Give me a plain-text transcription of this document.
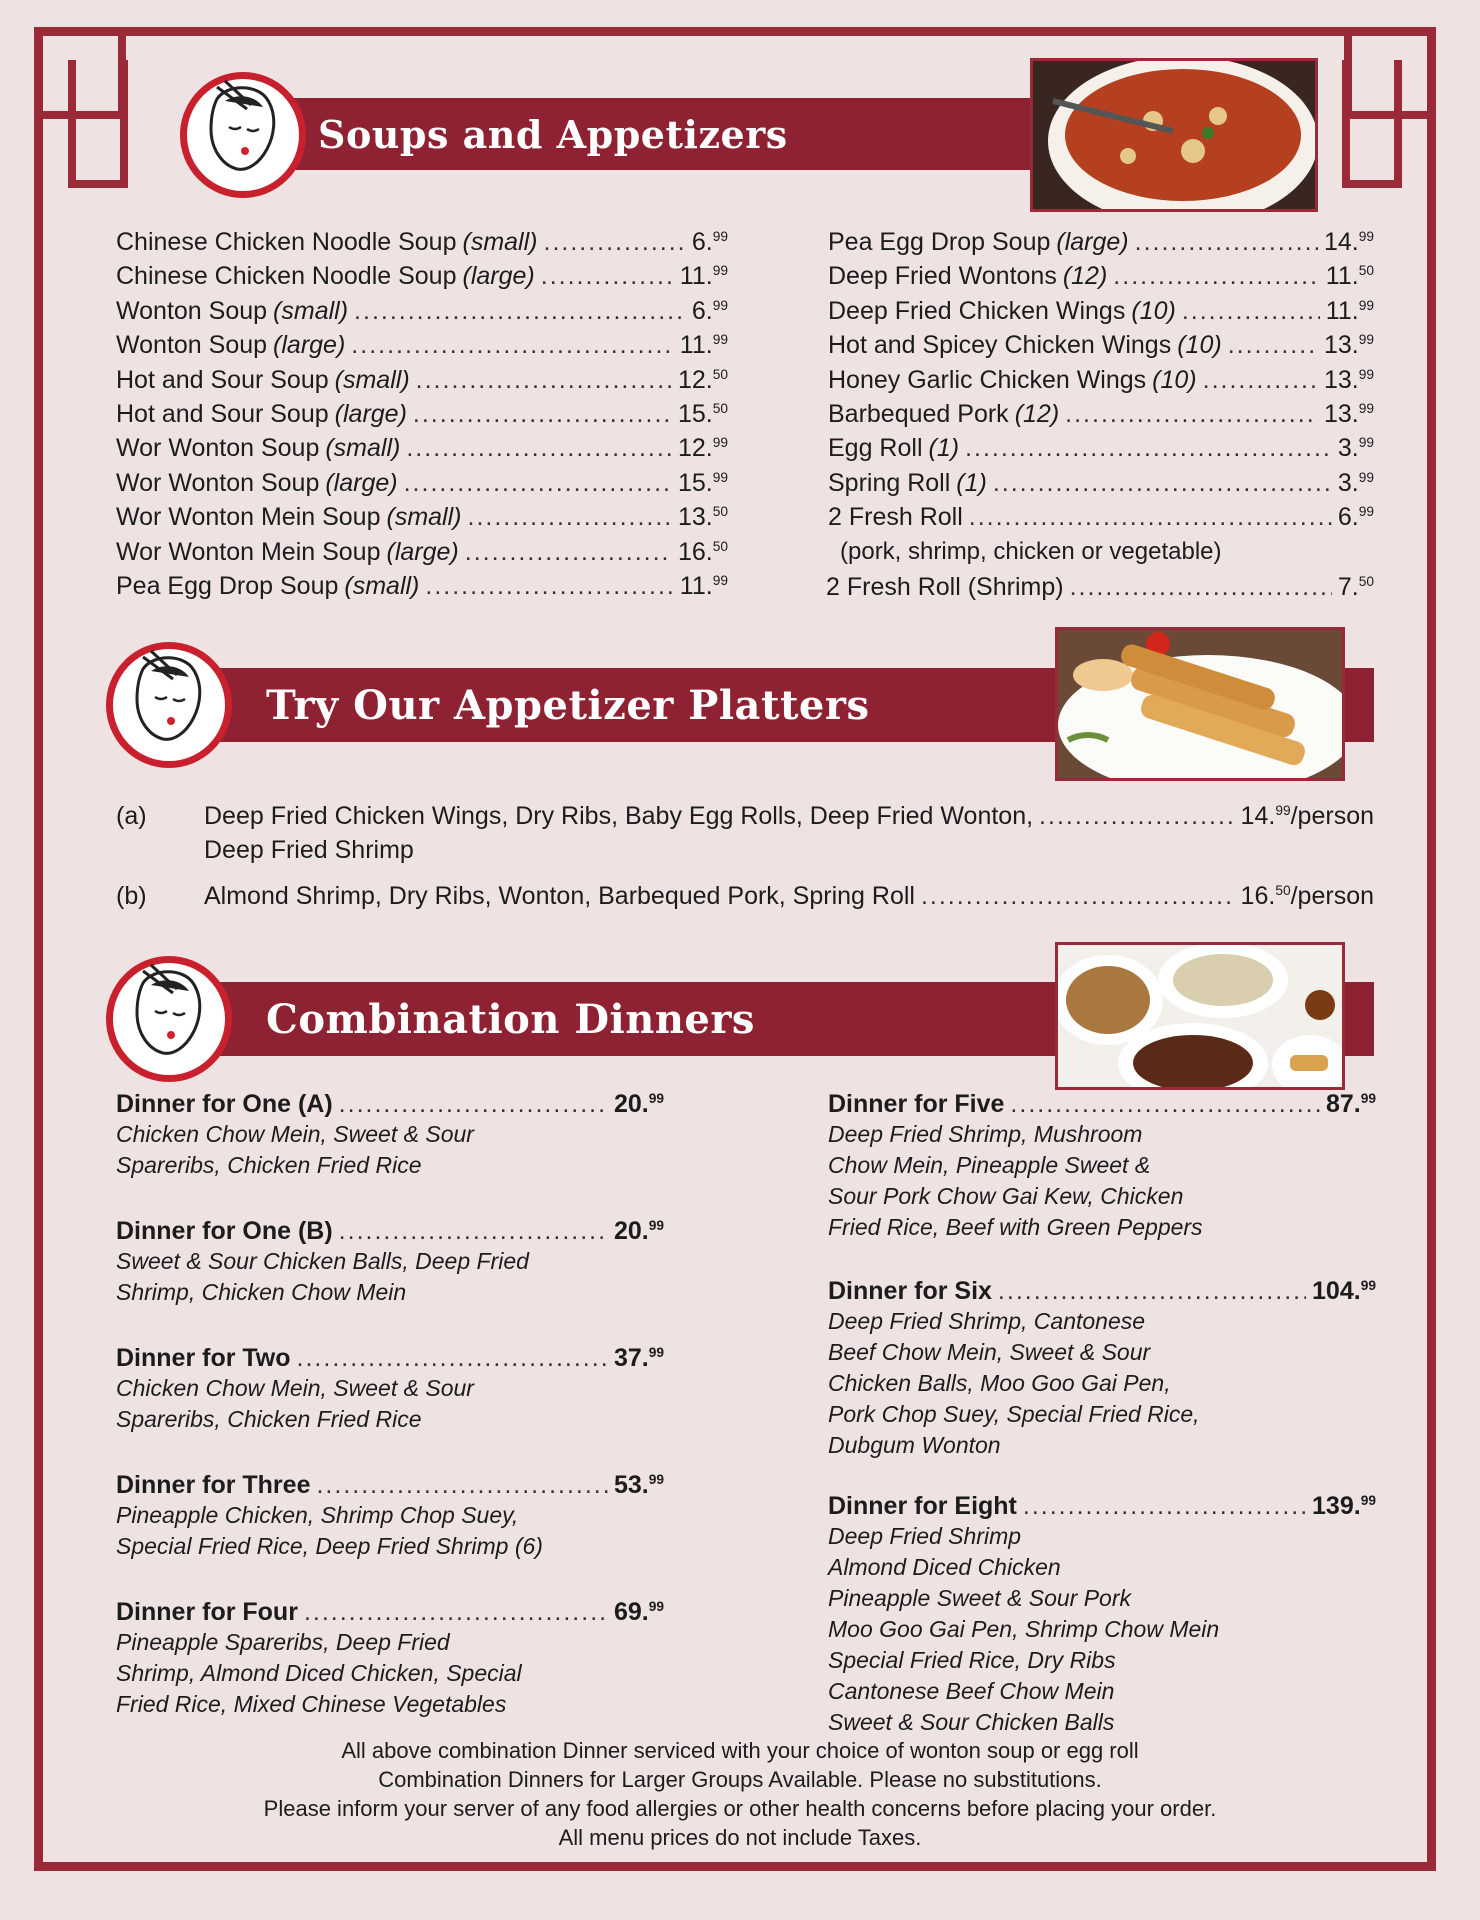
Soups and Appetizers
Chinese Chicken Noodle Soup (small) .....	6.99
Chinese Chicken Noodle Soup (large) .....	11.99
Wonton Soup (small) .....	6.99
Wonton Soup (large) .....	11.99
Hot and Sour Soup (small) .....	12.50
Hot and Sour Soup (large) .....	15.50
Wor Wonton Soup (small) .....	12.99
Wor Wonton Soup (large) .....	15.99
Wor Wonton Mein Soup (small) .....	13.50
Wor Wonton Mein Soup (large) .....	16.50
Pea Egg Drop Soup (small) .....	11.99
Pea Egg Drop Soup (large) .....	14.99
Deep Fried Wontons (12) .....	11.50
Deep Fried Chicken Wings (10) .....	11.99
Hot and Spicey Chicken Wings (10) .....	13.99
Honey Garlic Chicken Wings (10) .....	13.99
Barbequed Pork (12) .....	13.99
Egg Roll (1) .....	3.99
Spring Roll (1) .....	3.99
2 Fresh Roll .....	6.99
(pork, shrimp, chicken or vegetable)
2 Fresh Roll (Shrimp) .....	7.50
Try Our Appetizer Platters
(a) Deep Fried Chicken Wings, Dry Ribs, Baby Egg Rolls, Deep Fried Wonton, .....	14.99/person
Deep Fried Shrimp
(b) Almond Shrimp, Dry Ribs, Wonton, Barbequed Pork, Spring Roll .....	16.50/person
Combination Dinners
Dinner for One (A) .....	20.99
Chicken Chow Mein, Sweet & Sour
Spareribs, Chicken Fried Rice
Dinner for One (B) .....	20.99
Sweet & Sour Chicken Balls, Deep Fried
Shrimp, Chicken Chow Mein
Dinner for Two .....	37.99
Chicken Chow Mein, Sweet & Sour
Spareribs, Chicken Fried Rice
Dinner for Three .....	53.99
Pineapple Chicken, Shrimp Chop Suey,
Special Fried Rice, Deep Fried Shrimp (6)
Dinner for Four .....	69.99
Pineapple Spareribs, Deep Fried
Shrimp, Almond Diced Chicken, Special
Fried Rice, Mixed Chinese Vegetables
Dinner for Five .....	87.99
Deep Fried Shrimp, Mushroom
Chow Mein, Pineapple Sweet &
Sour Pork Chow Gai Kew, Chicken
Fried Rice, Beef with Green Peppers
Dinner for Six .....	104.99
Deep Fried Shrimp, Cantonese
Beef Chow Mein, Sweet & Sour
Chicken Balls, Moo Goo Gai Pen,
Pork Chop Suey, Special Fried Rice,
Dubgum Wonton
Dinner for Eight .....	139.99
Deep Fried Shrimp
Almond Diced Chicken
Pineapple Sweet & Sour Pork
Moo Goo Gai Pen, Shrimp Chow Mein
Special Fried Rice, Dry Ribs
Cantonese Beef Chow Mein
Sweet & Sour Chicken Balls
All above combination Dinner serviced with your choice of wonton soup or egg roll
Combination Dinners for Larger Groups Available. Please no substitutions.
Please inform your server of any food allergies or other health concerns before placing your order.
All menu prices do not include Taxes.
